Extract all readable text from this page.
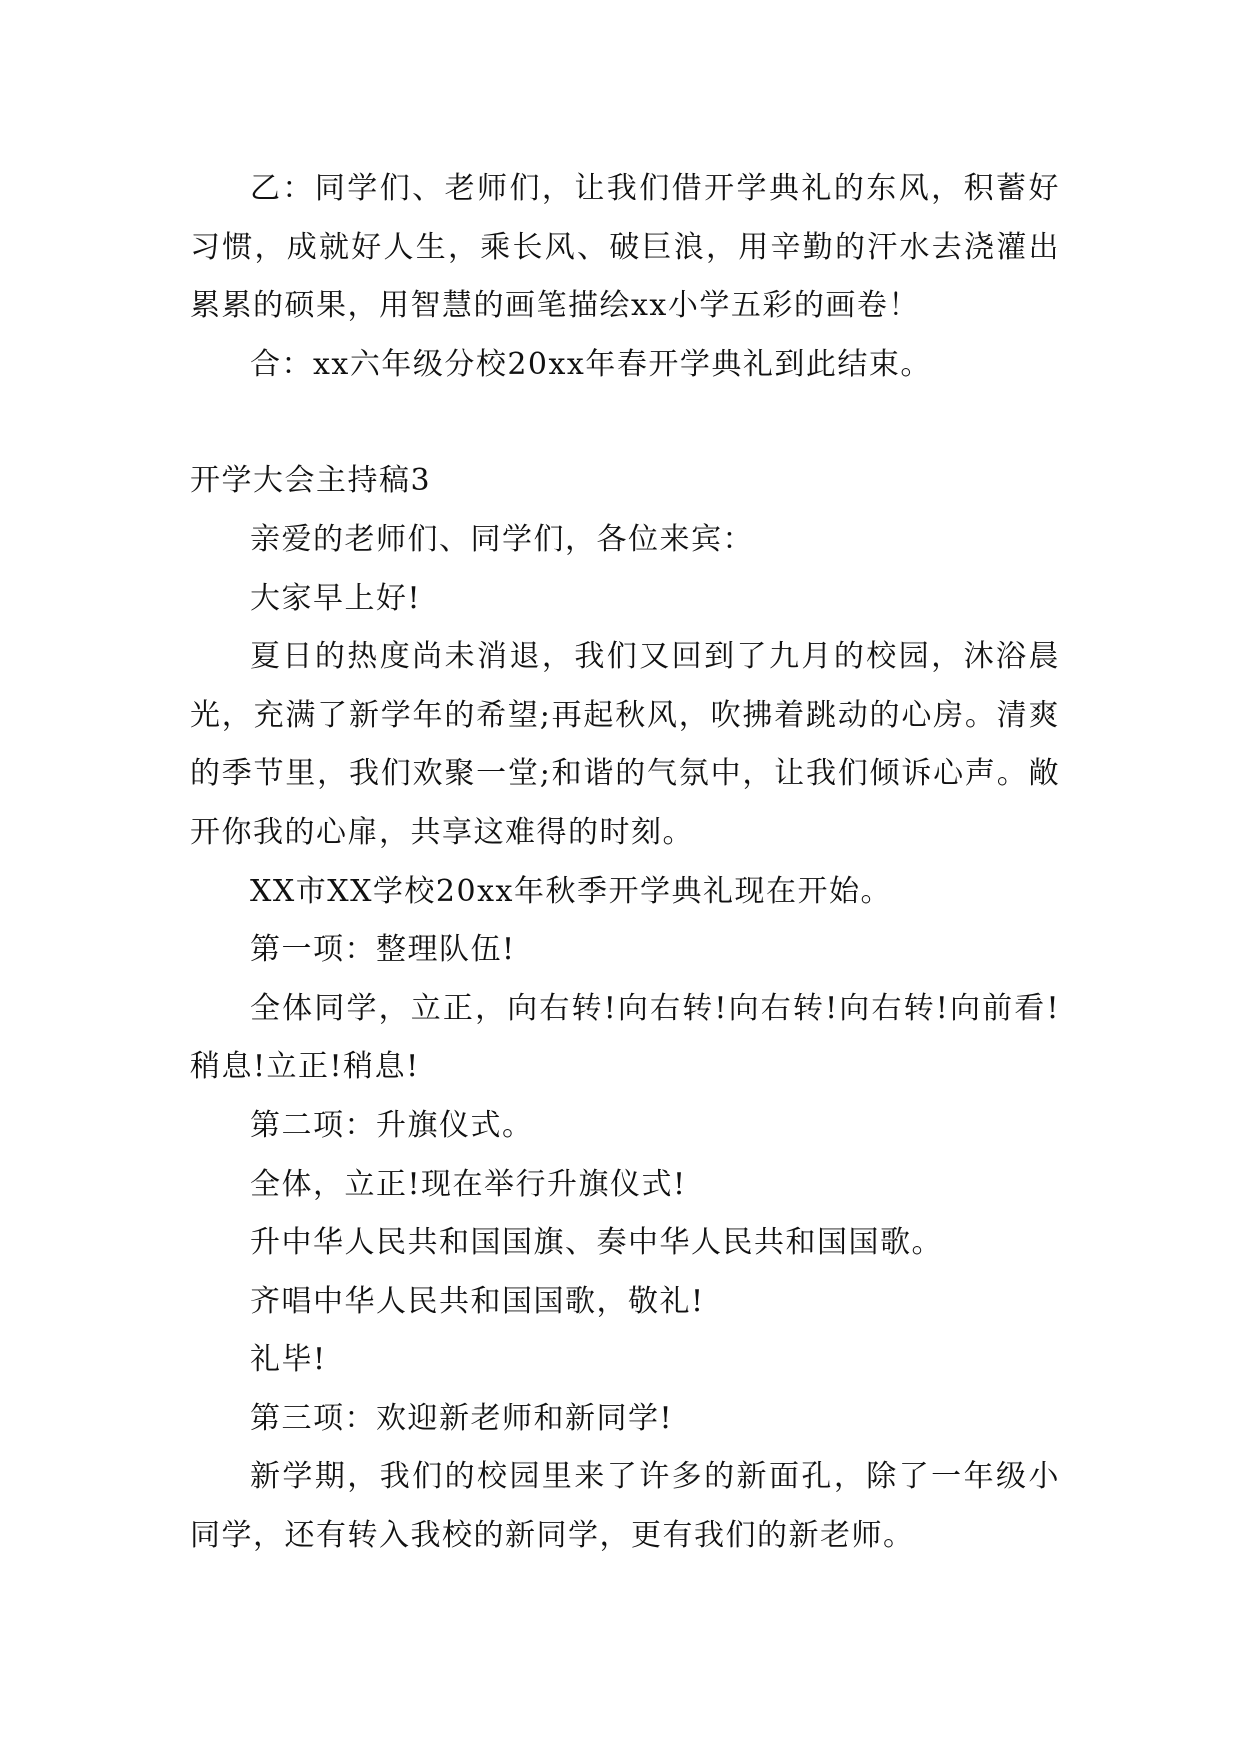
乙：同学们、老师们，让我们借开学典礼的东风，积蓄好习惯，成就好人生，乘长风、破巨浪，用辛勤的汗水去浇灌出累累的硕果，用智慧的画笔描绘xx小学五彩的画卷！

合：xx六年级分校20xx年春开学典礼到此结束。

开学大会主持稿3

亲爱的老师们、同学们，各位来宾：

大家早上好!

夏日的热度尚未消退，我们又回到了九月的校园，沐浴晨光，充满了新学年的希望;再起秋风，吹拂着跳动的心房。清爽的季节里，我们欢聚一堂;和谐的气氛中，让我们倾诉心声。敞开你我的心扉，共享这难得的时刻。

XX市XX学校20xx年秋季开学典礼现在开始。

第一项：整理队伍!

全体同学，立正，向右转!向右转!向右转!向右转!向前看!稍息!立正!稍息!

第二项：升旗仪式。

全体，立正!现在举行升旗仪式!

升中华人民共和国国旗、奏中华人民共和国国歌。

齐唱中华人民共和国国歌，敬礼!

礼毕!

第三项：欢迎新老师和新同学!

新学期，我们的校园里来了许多的新面孔，除了一年级小同学，还有转入我校的新同学，更有我们的新老师。
